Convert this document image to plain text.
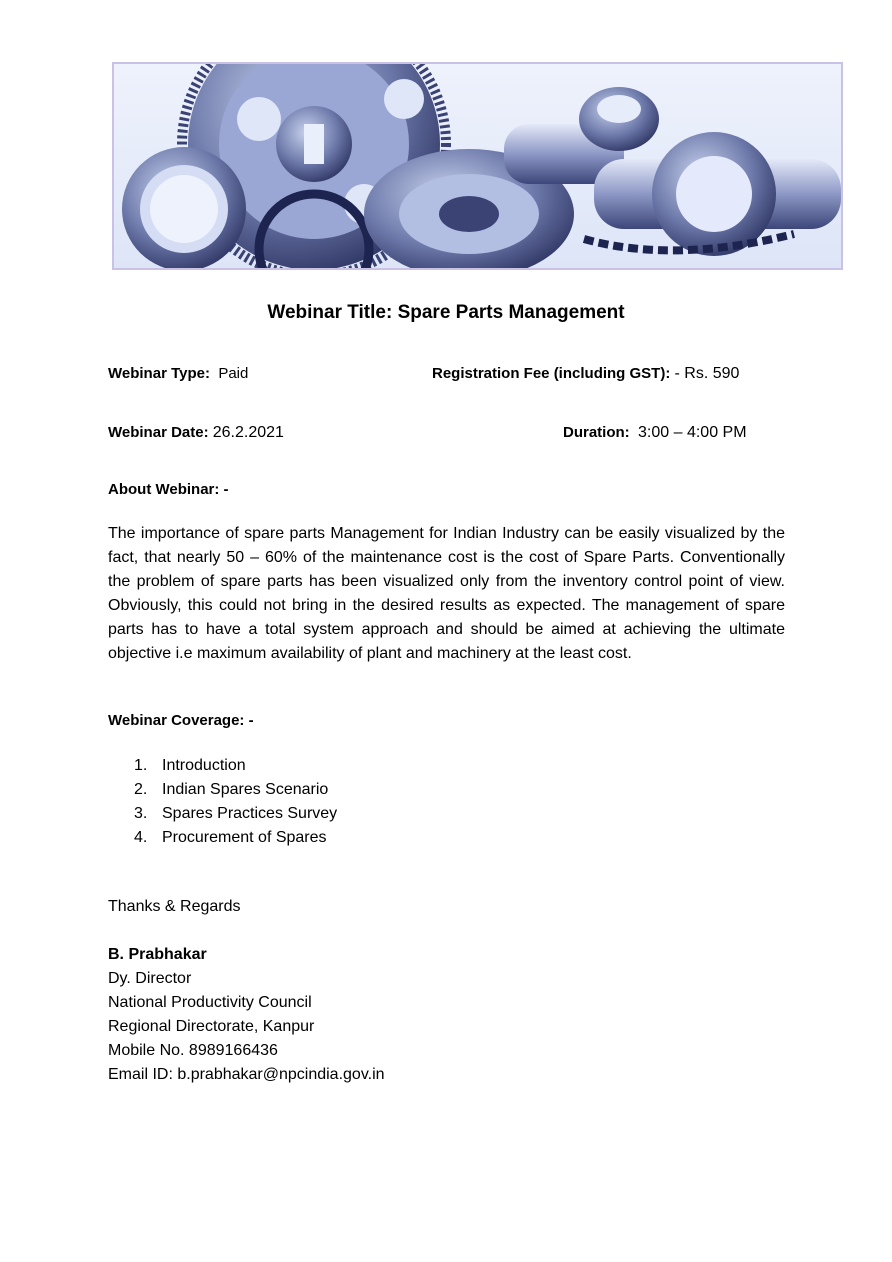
Webinar Title: Spare Parts Management
Webinar Type: Paid	Registration Fee (including GST): - Rs. 590
Webinar Date: 26.2.2021	Duration: 3:00 – 4:00 PM
About Webinar: -

The importance of spare parts Management for Indian Industry can be easily visualized by the fact, that nearly 50 – 60% of the maintenance cost is the cost of Spare Parts. Conventionally the problem of spare parts has been visualized only from the inventory control point of view. Obviously, this could not bring in the desired results as expected. The management of spare parts has to have a total system approach and should be aimed at achieving the ultimate objective i.e maximum availability of plant and machinery at the least cost.

Webinar Coverage: -
1. Introduction
2. Indian Spares Scenario
3. Spares Practices Survey
4. Procurement of Spares
Thanks & Regards
B. Prabhakar
Dy. Director
National Productivity Council
Regional Directorate, Kanpur
Mobile No. 8989166436
Email ID: b.prabhakar@npcindia.gov.in
